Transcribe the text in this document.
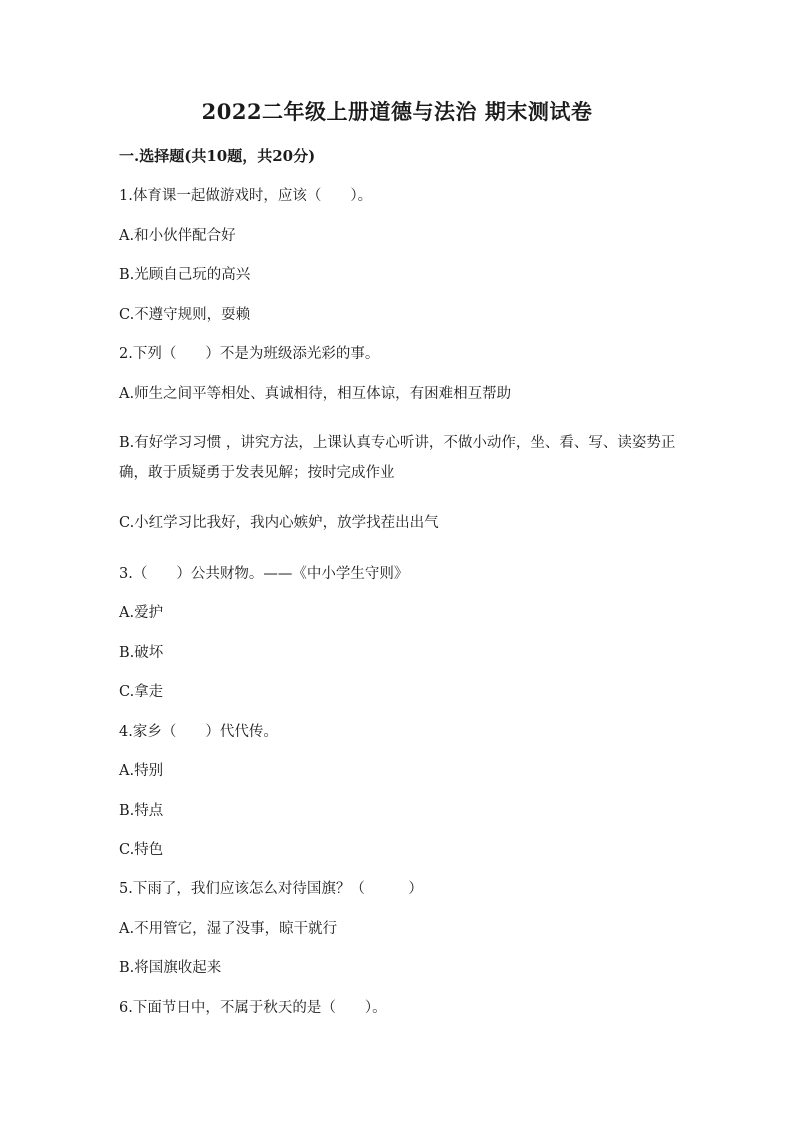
2022二年级上册道德与法治 期末测试卷
一.选择题(共10题，共20分)
1.体育课一起做游戏时，应该（　　）。
A.和小伙伴配合好
B.光顾自己玩的高兴
C.不遵守规则，耍赖
2.下列（　　）不是为班级添光彩的事。
A.师生之间平等相处、真诚相待，相互体谅，有困难相互帮助
B.有好学习习惯 ，讲究方法，上课认真专心听讲，不做小动作，坐、看、写、读姿势正确，敢于质疑勇于发表见解；按时完成作业
C.小红学习比我好，我内心嫉妒，放学找茬出出气
3.（　　）公共财物。——《中小学生守则》
A.爱护
B.破坏
C.拿走
4.家乡（　　）代代传。
A.特别
B.特点
C.特色
5.下雨了，我们应该怎么对待国旗？（　　　）
A.不用管它，湿了没事，晾干就行
B.将国旗收起来
6.下面节日中，不属于秋天的是（　　）。
